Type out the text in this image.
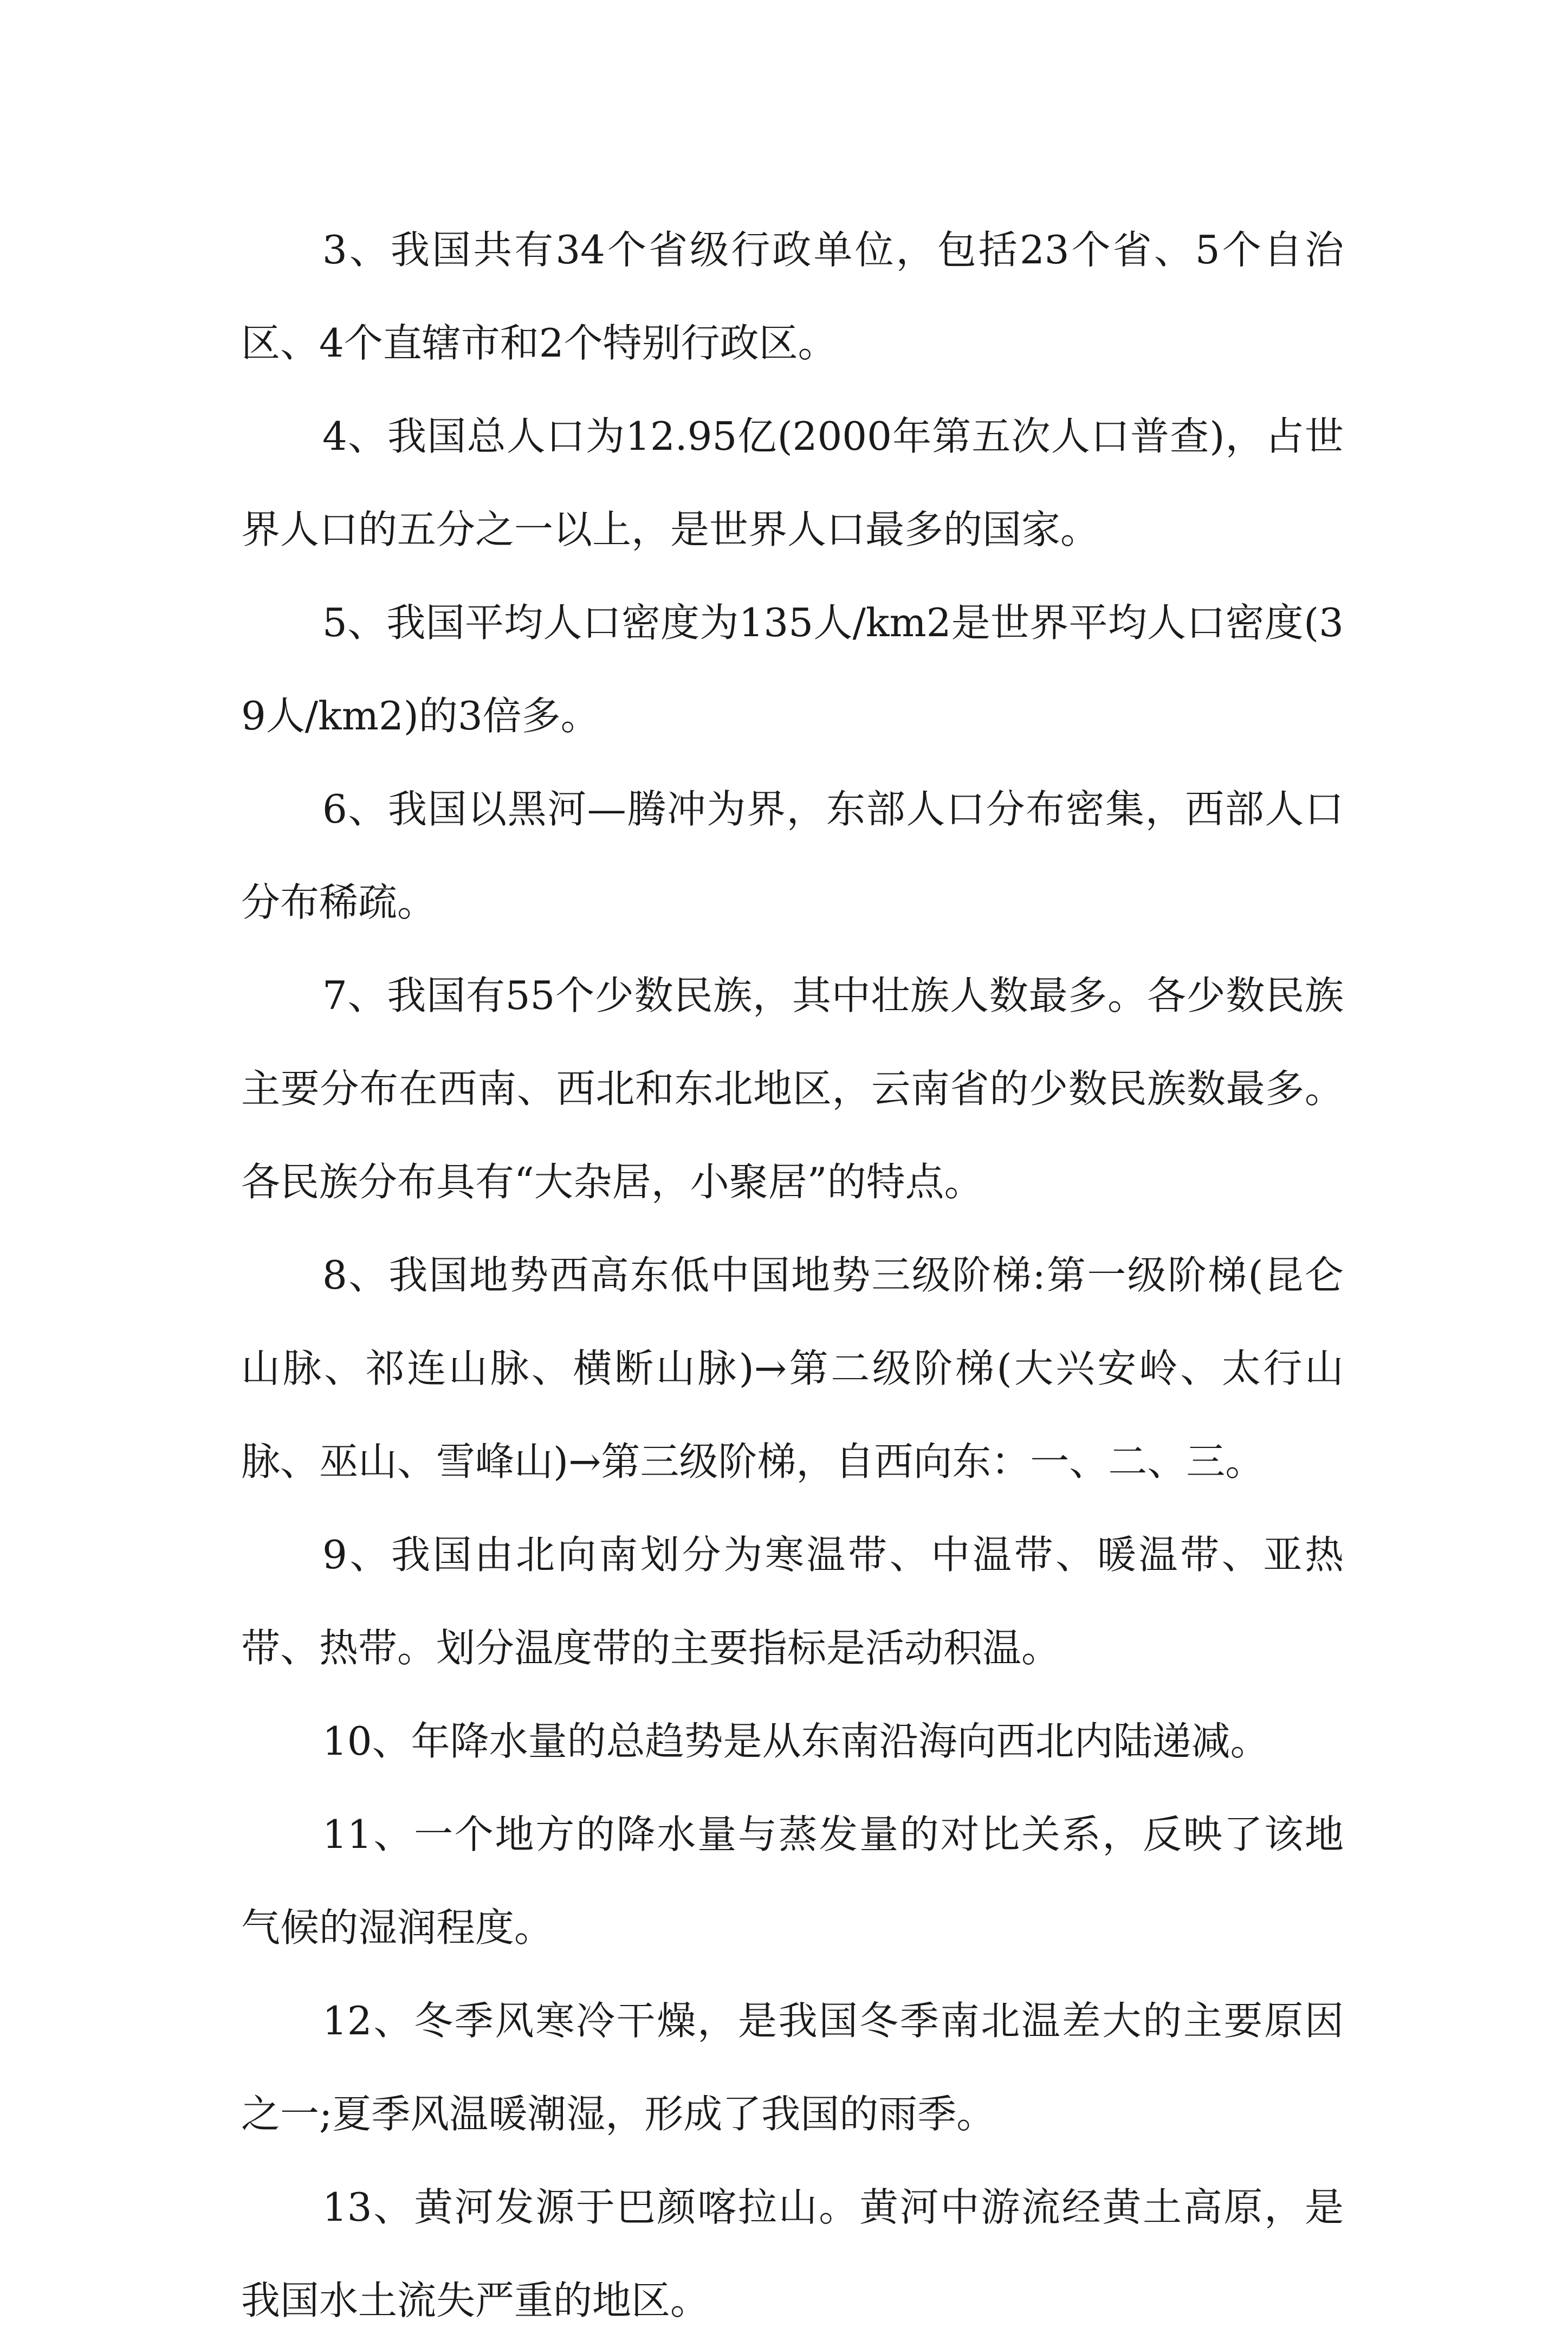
3、我国共有34个省级行政单位，包括23个省、5个自治区、4个直辖市和2个特别行政区。

4、我国总人口为12.95亿(2000年第五次人口普查)，占世界人口的五分之一以上，是世界人口最多的国家。

5、我国平均人口密度为135人/km2是世界平均人口密度(39人/km2)的3倍多。

6、我国以黑河—腾冲为界，东部人口分布密集，西部人口分布稀疏。

7、我国有55个少数民族，其中壮族人数最多。各少数民族主要分布在西南、西北和东北地区，云南省的少数民族数最多。各民族分布具有“大杂居，小聚居”的特点。

8、我国地势西高东低中国地势三级阶梯:第一级阶梯(昆仑山脉、祁连山脉、横断山脉)→第二级阶梯(大兴安岭、太行山脉、巫山、雪峰山)→第三级阶梯，自西向东：一、二、三。

9、我国由北向南划分为寒温带、中温带、暖温带、亚热带、热带。划分温度带的主要指标是活动积温。

10、年降水量的总趋势是从东南沿海向西北内陆递减。

11、一个地方的降水量与蒸发量的对比关系，反映了该地气候的湿润程度。

12、冬季风寒冷干燥，是我国冬季南北温差大的主要原因之一;夏季风温暖潮湿，形成了我国的雨季。

13、黄河发源于巴颜喀拉山。黄河中游流经黄土高原，是我国水土流失严重的地区。
